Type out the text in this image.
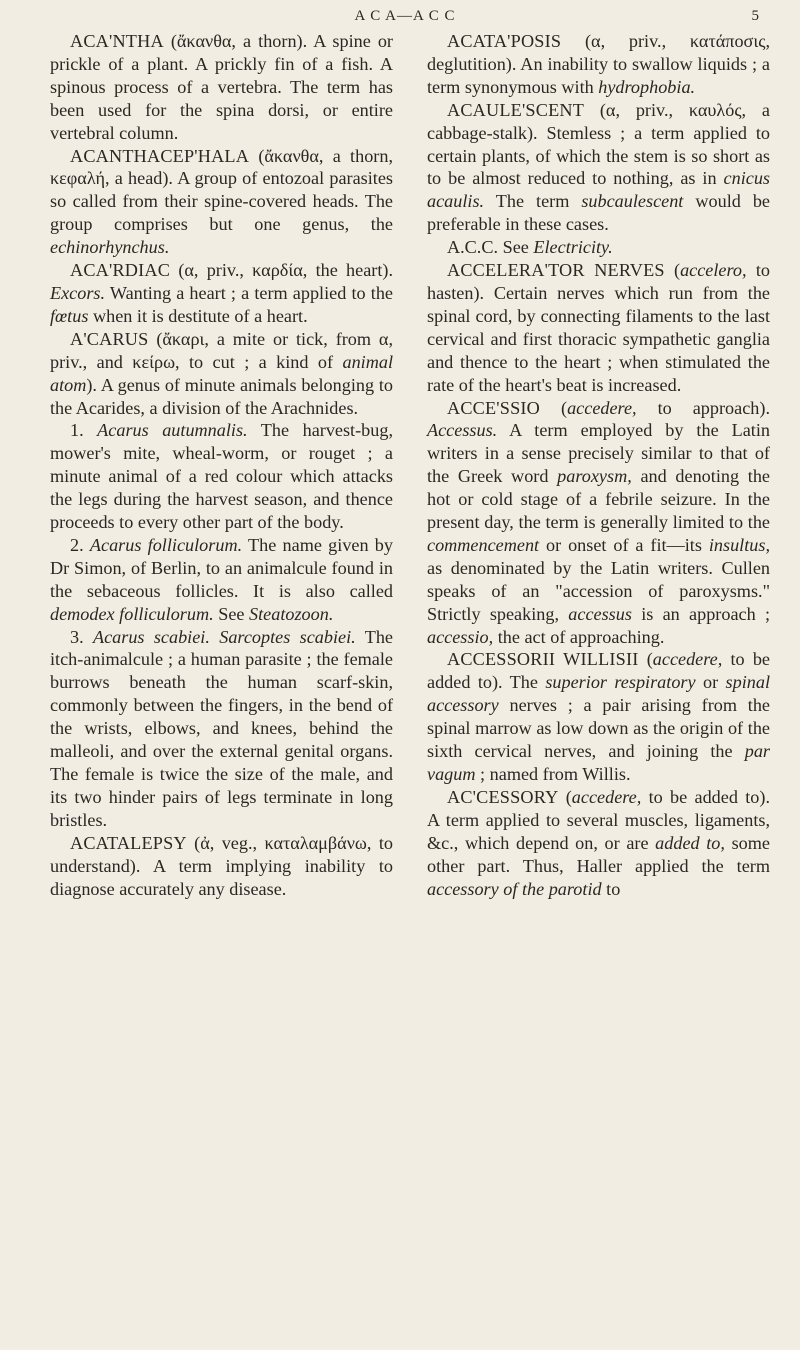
A C A—A C C	5

ACA'NTHA (ἄκανθα, a thorn). A spine or prickle of a plant. A prickly fin of a fish. A spinous process of a vertebra. The term has been used for the spina dorsi, or entire vertebral column.

ACANTHACEP'HALA (ἄκανθα, a thorn, κεφαλή, a head). A group of entozoal parasites so called from their spine-covered heads. The group comprises but one genus, the echinorhynchus.

ACA'RDIAC (α, priv., καρδία, the heart). Excors. Wanting a heart ; a term applied to the fœtus when it is destitute of a heart.

A'CARUS (ἄκαρι, a mite or tick, from α, priv., and κείρω, to cut ; a kind of animal atom). A genus of minute animals belonging to the Acarides, a division of the Arachnides.

1. Acarus autumnalis. The harvest-bug, mower's mite, wheal-worm, or rouget ; a minute animal of a red colour which attacks the legs during the harvest season, and thence proceeds to every other part of the body.

2. Acarus folliculorum. The name given by Dr Simon, of Berlin, to an animalcule found in the sebaceous follicles. It is also called demodex folliculorum. See Steatozoon.

3. Acarus scabiei. Sarcoptes scabiei. The itch-animalcule ; a human parasite ; the female burrows beneath the human scarf-skin, commonly between the fingers, in the bend of the wrists, elbows, and knees, behind the malleoli, and over the external genital organs. The female is twice the size of the male, and its two hinder pairs of legs terminate in long bristles.

ACATALEPSY (ἀ, veg., καταλαμβάνω, to understand). A term implying inability to diagnose accurately any disease.

ACATA'POSIS (α, priv., κατάποσις, deglutition). An inability to swallow liquids ; a term synonymous with hydrophobia.

ACAULE'SCENT (α, priv., καυλός, a cabbage-stalk). Stemless ; a term applied to certain plants, of which the stem is so short as to be almost reduced to nothing, as in cnicus acaulis. The term subcaulescent would be preferable in these cases.

A.C.C. See Electricity.

ACCELERA'TOR NERVES (accelero, to hasten). Certain nerves which run from the spinal cord, by connecting filaments to the last cervical and first thoracic sympathetic ganglia and thence to the heart ; when stimulated the rate of the heart's beat is increased.

ACCE'SSIO (accedere, to approach). Accessus. A term employed by the Latin writers in a sense precisely similar to that of the Greek word paroxysm, and denoting the hot or cold stage of a febrile seizure. In the present day, the term is generally limited to the commencement or onset of a fit—its insultus, as denominated by the Latin writers. Cullen speaks of an "accession of paroxysms." Strictly speaking, accessus is an approach ; accessio, the act of approaching.

ACCESSORII WILLISII (accedere, to be added to). The superior respiratory or spinal accessory nerves ; a pair arising from the spinal marrow as low down as the origin of the sixth cervical nerves, and joining the par vagum ; named from Willis.

AC'CESSORY (accedere, to be added to). A term applied to several muscles, ligaments, &c., which depend on, or are added to, some other part. Thus, Haller applied the term accessory of the parotid to
